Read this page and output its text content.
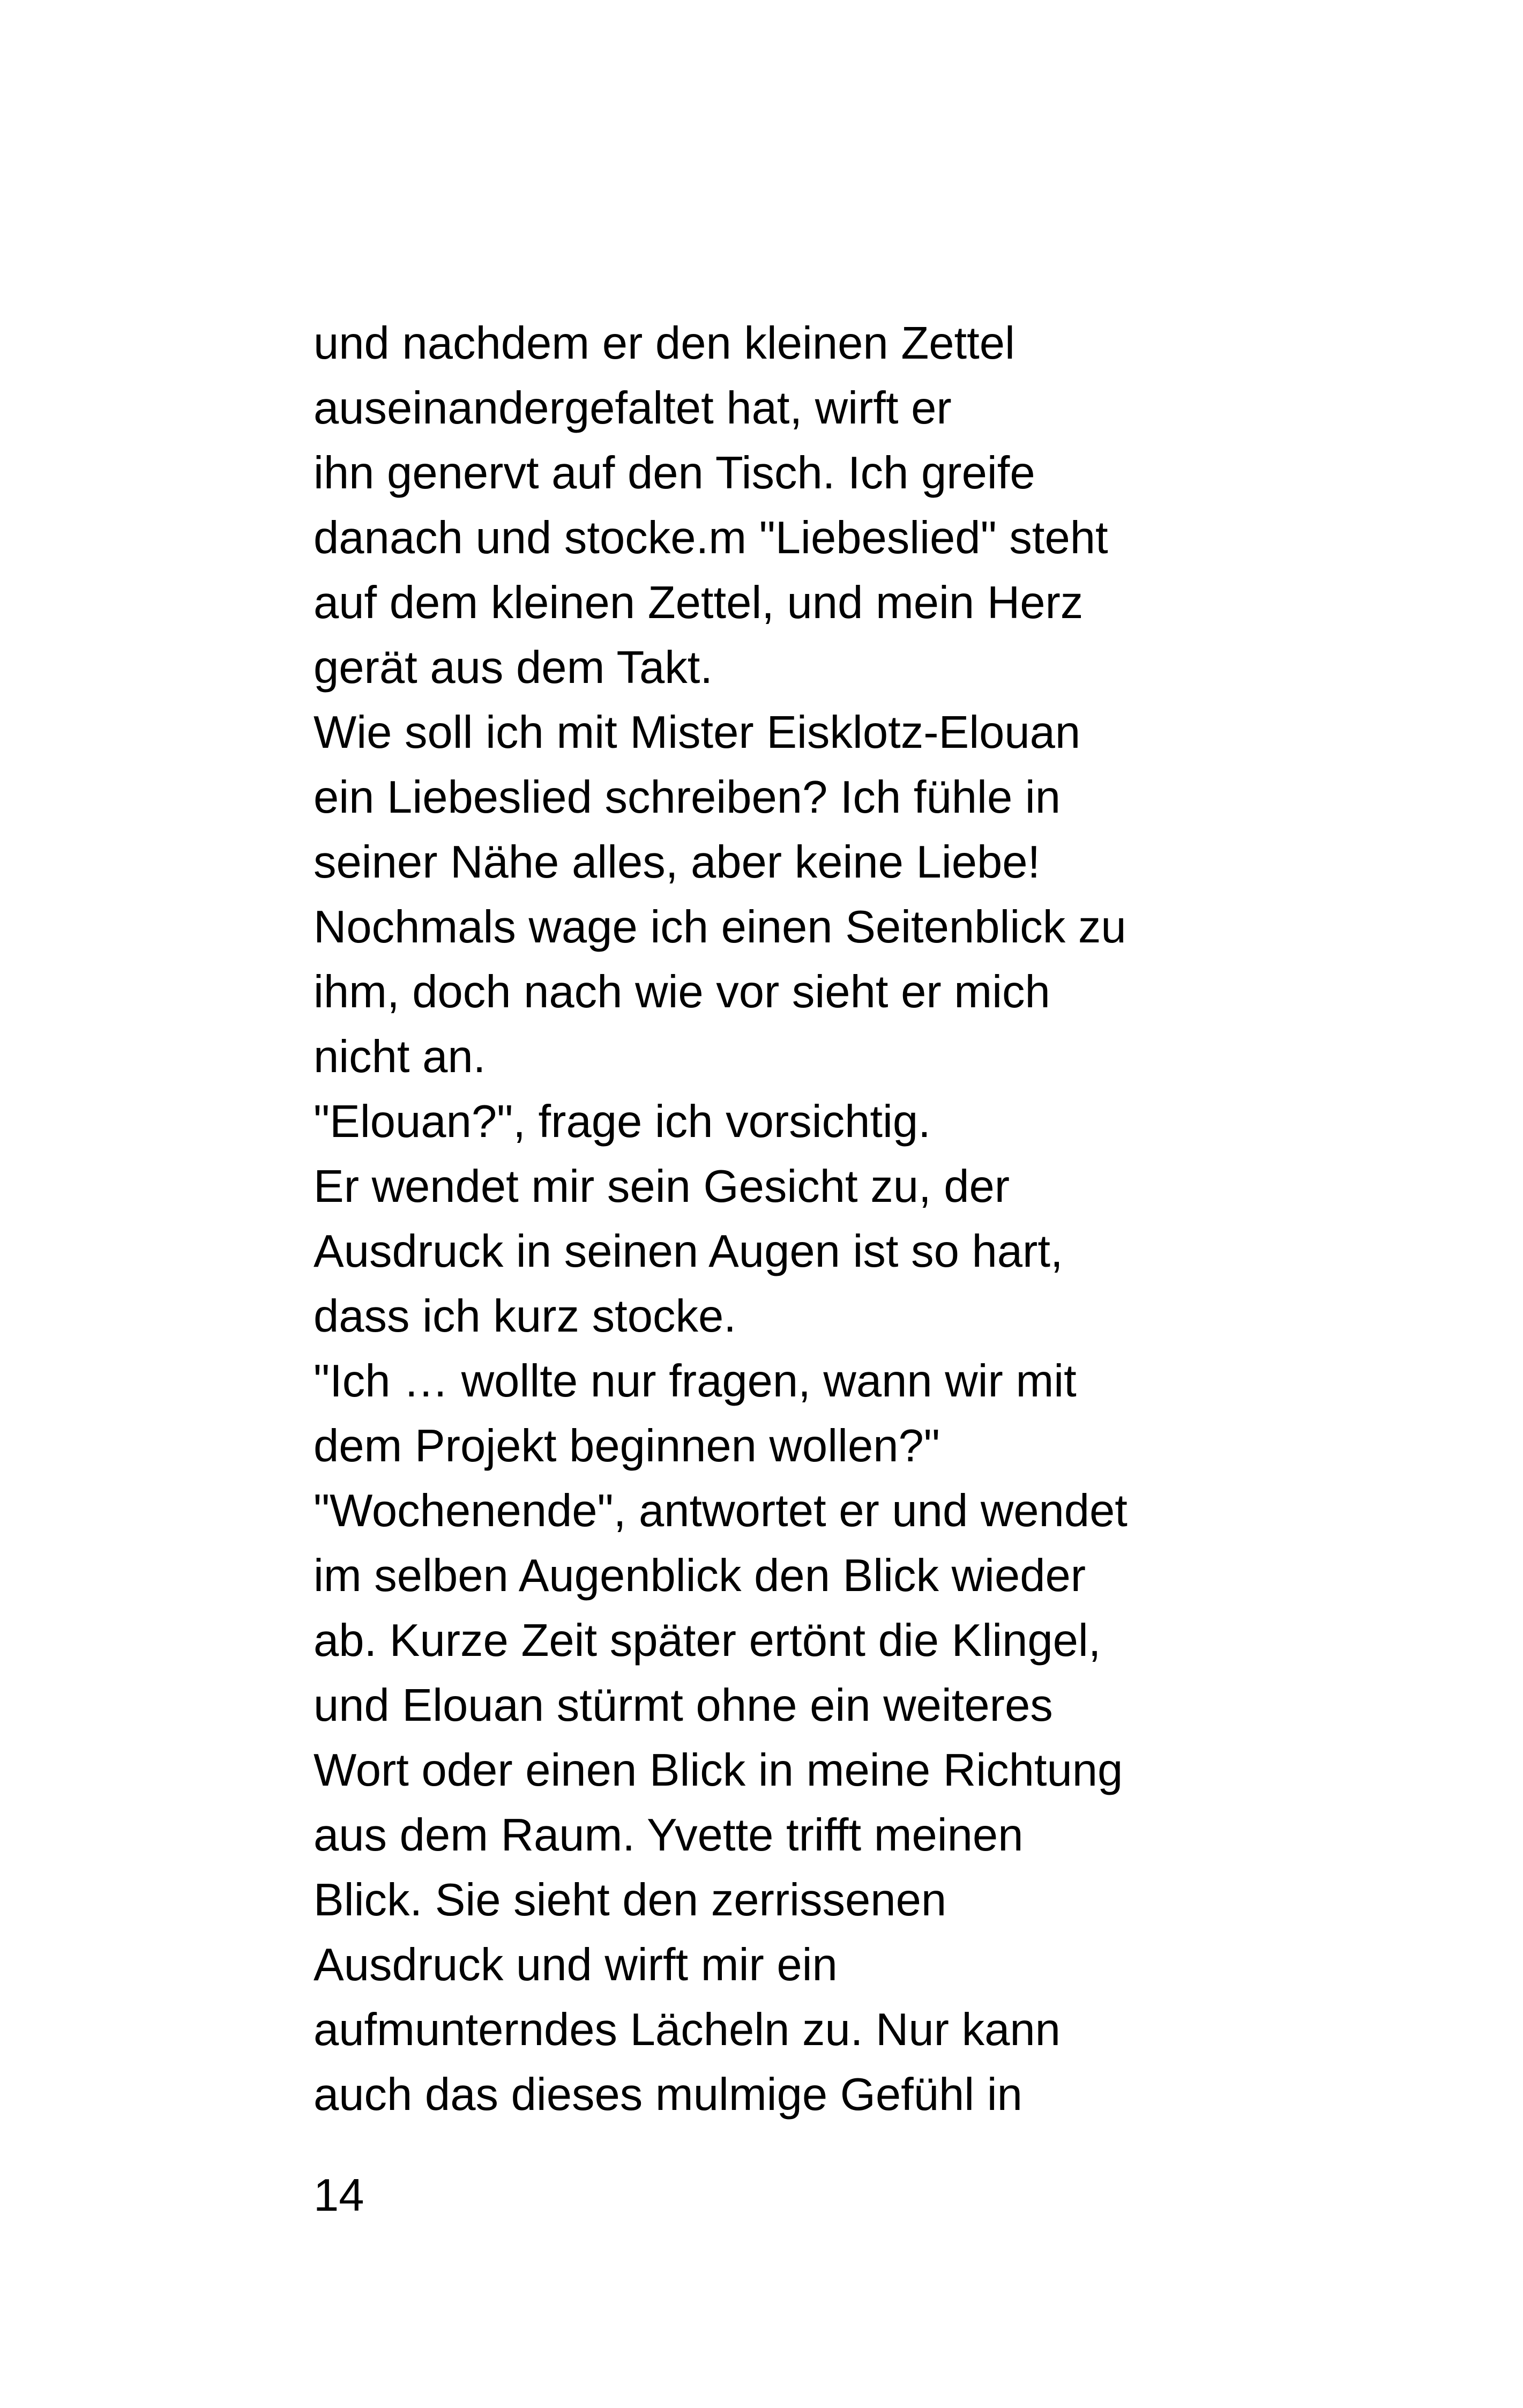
und nachdem er den kleinen Zettel
auseinandergefaltet hat, wirft er
ihn genervt auf den Tisch. Ich greife
danach und stocke.m "Liebeslied" steht
auf dem kleinen Zettel, und mein Herz
gerät aus dem Takt.
Wie soll ich mit Mister Eisklotz-Elouan
ein Liebeslied schreiben? Ich fühle in
seiner Nähe alles, aber keine Liebe!
Nochmals wage ich einen Seitenblick zu
ihm, doch nach wie vor sieht er mich
nicht an.
"Elouan?", frage ich vorsichtig.
Er wendet mir sein Gesicht zu, der
Ausdruck in seinen Augen ist so hart,
dass ich kurz stocke.
"Ich … wollte nur fragen, wann wir mit
dem Projekt beginnen wollen?"
"Wochenende", antwortet er und wendet
im selben Augenblick den Blick wieder
ab. Kurze Zeit später ertönt die Klingel,
und Elouan stürmt ohne ein weiteres
Wort oder einen Blick in meine Richtung
aus dem Raum. Yvette trifft meinen
Blick. Sie sieht den zerrissenen
Ausdruck und wirft mir ein
aufmunterndes Lächeln zu. Nur kann
auch das dieses mulmige Gefühl in
14
